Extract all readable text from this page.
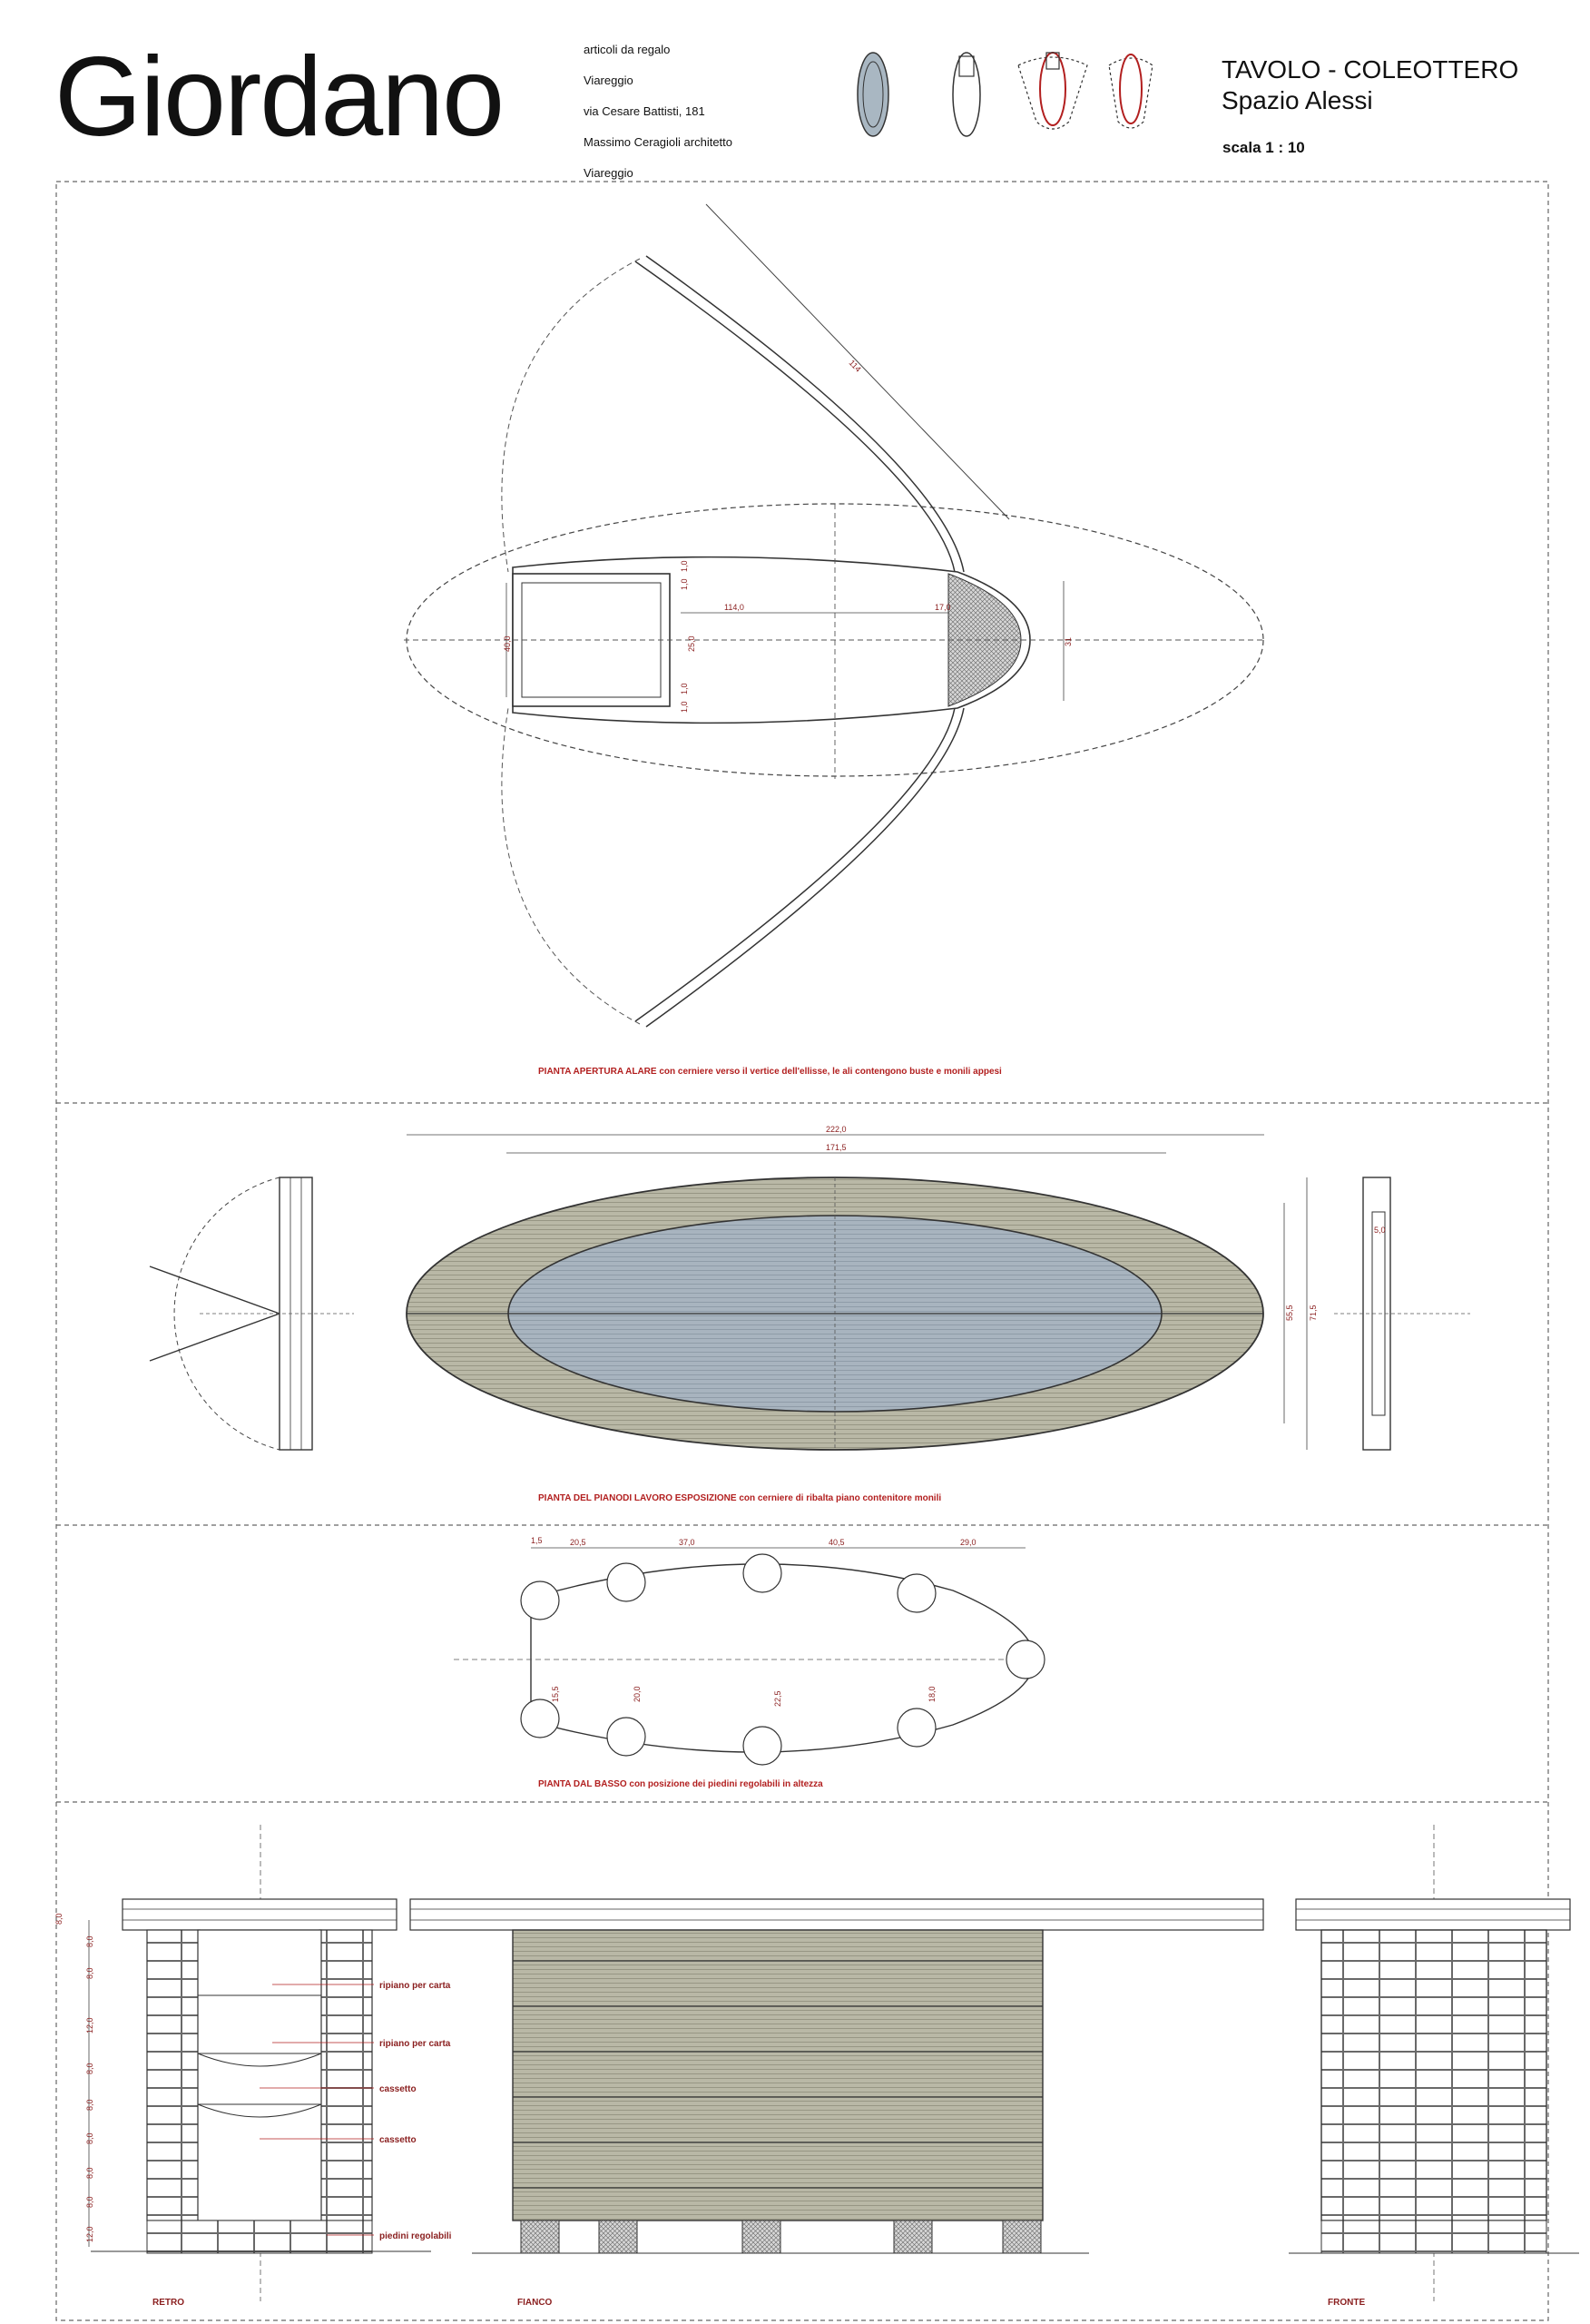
Giordano	articoli da regalo
Viareggio
via Cesare Battisti, 181
Massimo Ceragioli architetto
Viareggio
TAVOLO - COLEOTTERO
Spazio Alessi
scala 1 : 10
114
114,0	17,0
40,0	25,0
1,0
1,0
1,0
1,0
31
PIANTA APERTURA ALARE con cerniere verso il vertice dell'ellisse, le ali contengono buste e monili appesi
222,0
171,5
55,5 71,5
5,0
PIANTA DEL PIANODI LAVORO ESPOSIZIONE con cerniere di ribalta piano contenitore monili
1,5	20,5	37,0	40,5	29,0
15,5	20,0	22,5	18,0
PIANTA DAL BASSO con posizione dei piedini regolabili in altezza
8,0
8,0
8,0
12,0
8,0
8,0
8,0
8,0
8,0
12,0
ripiano per carta
ripiano per carta
cassetto
cassetto
piedini regolabili
RETRO	FIANCO	FRONTE
